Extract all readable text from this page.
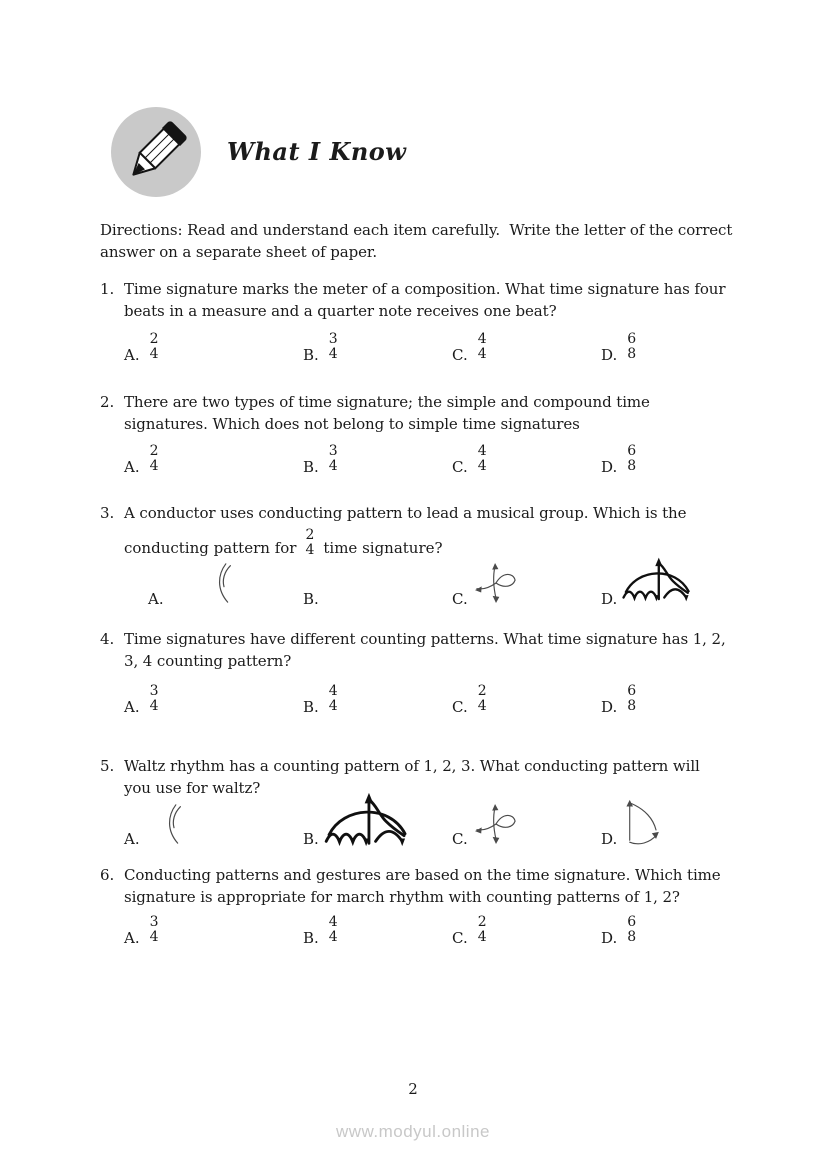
What I Know
Directions: Read and understand each item carefully.  Write the letter of the correct
answer on a separate sheet of paper.
1. Time signature marks the meter of a composition. What time signature has four
beats in a measure and a quarter note receives one beat?
A.
2
4	B.
3
4	C.
4
4	D.
6
8
2. There are two types of time signature; the simple and compound time
signatures. Which does not belong to simple time signatures
A.
2
4	B.
3
4	C.
4
4	D.
6
8
3. A conductor uses conducting pattern to lead a musical group. Which is the
conducting pattern for
2
4 time signature?
A.	B.	C.	D.
4. Time signatures have different counting patterns. What time signature has 1, 2,
3, 4 counting pattern?
A.
3
4	B.
4
4	C.
2
4	D.
6
8
5. Waltz rhythm has a counting pattern of 1, 2, 3. What conducting pattern will
you use for waltz?
A.	B.	C.	D.
6. Conducting patterns and gestures are based on the time signature. Which time
signature is appropriate for march rhythm with counting patterns of 1, 2?
A.
3
4	B.
4
4	C.
2
4	D.
6
8
2
www.modyul.online
